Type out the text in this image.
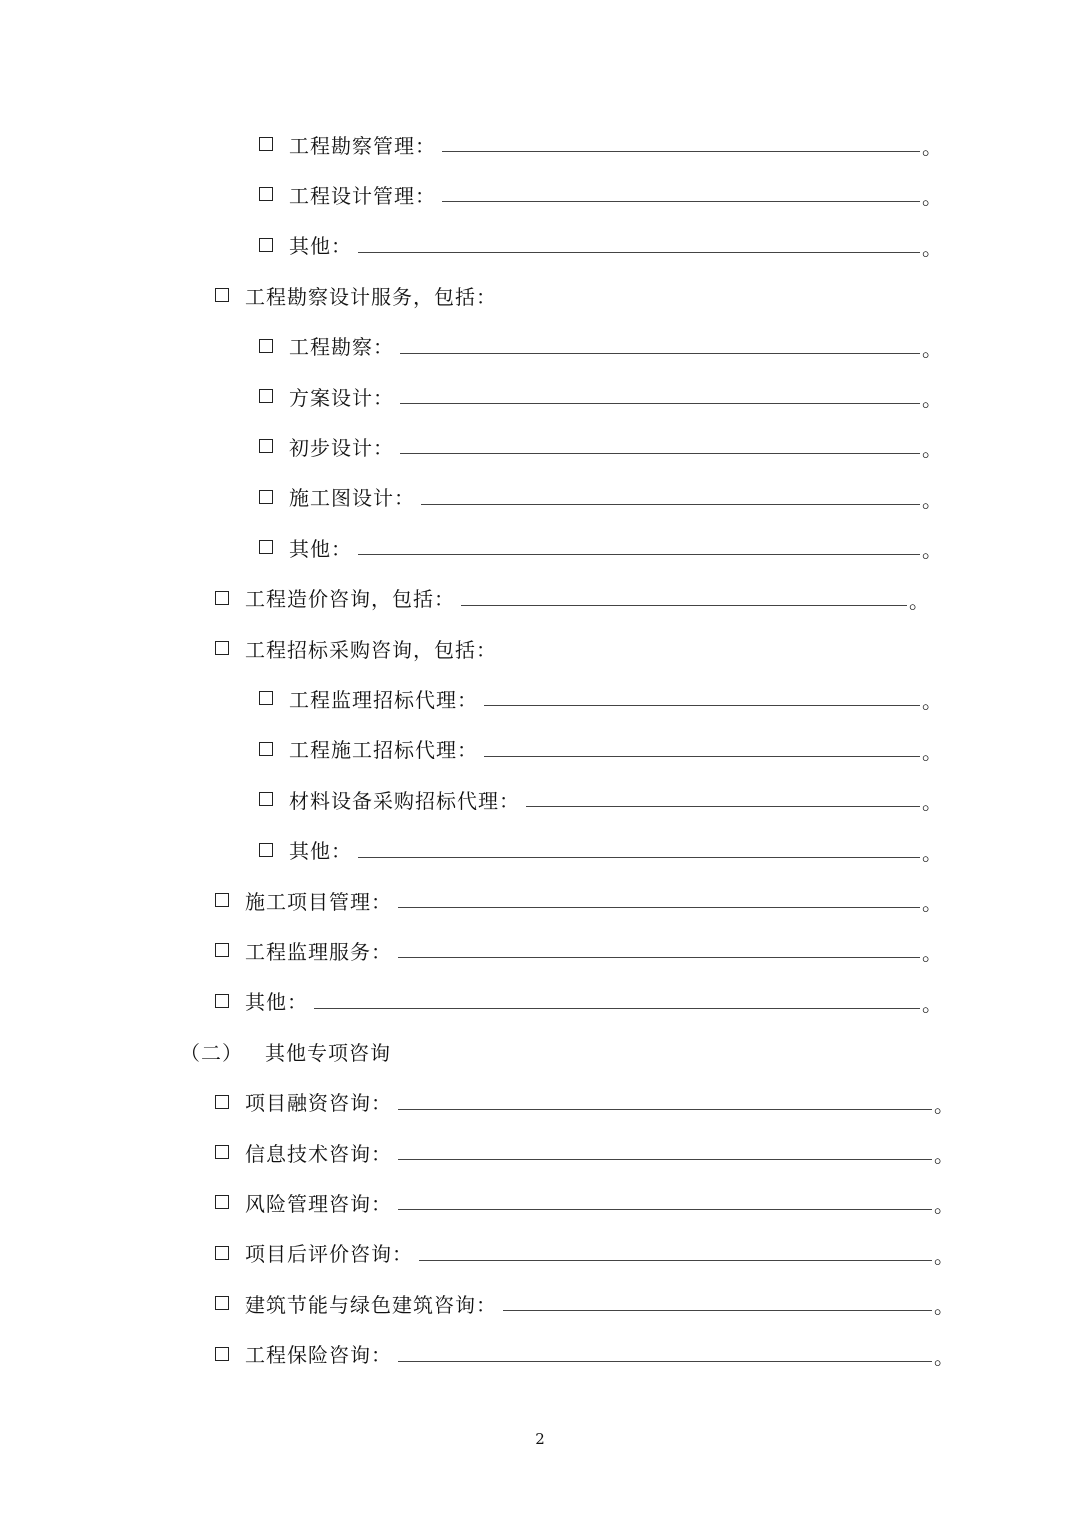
2
工程勘察管理：
工程设计管理：
其他：
工程勘察设计服务，包括：
工程勘察：
方案设计：
初步设计：
施工图设计：
其他：
工程造价咨询，包括：
工程招标采购咨询，包括：
工程监理招标代理：
工程施工招标代理：
材料设备采购招标代理：
其他：
施工项目管理：
工程监理服务：
其他：
（二） 其他专项咨询
项目融资咨询：
信息技术咨询：
风险管理咨询：
项目后评价咨询：
建筑节能与绿色建筑咨询：
工程保险咨询：
。
。
。
。
。
。
。
。
。
。
。
。
。
。
。
。
。
。
。
。
。
。
